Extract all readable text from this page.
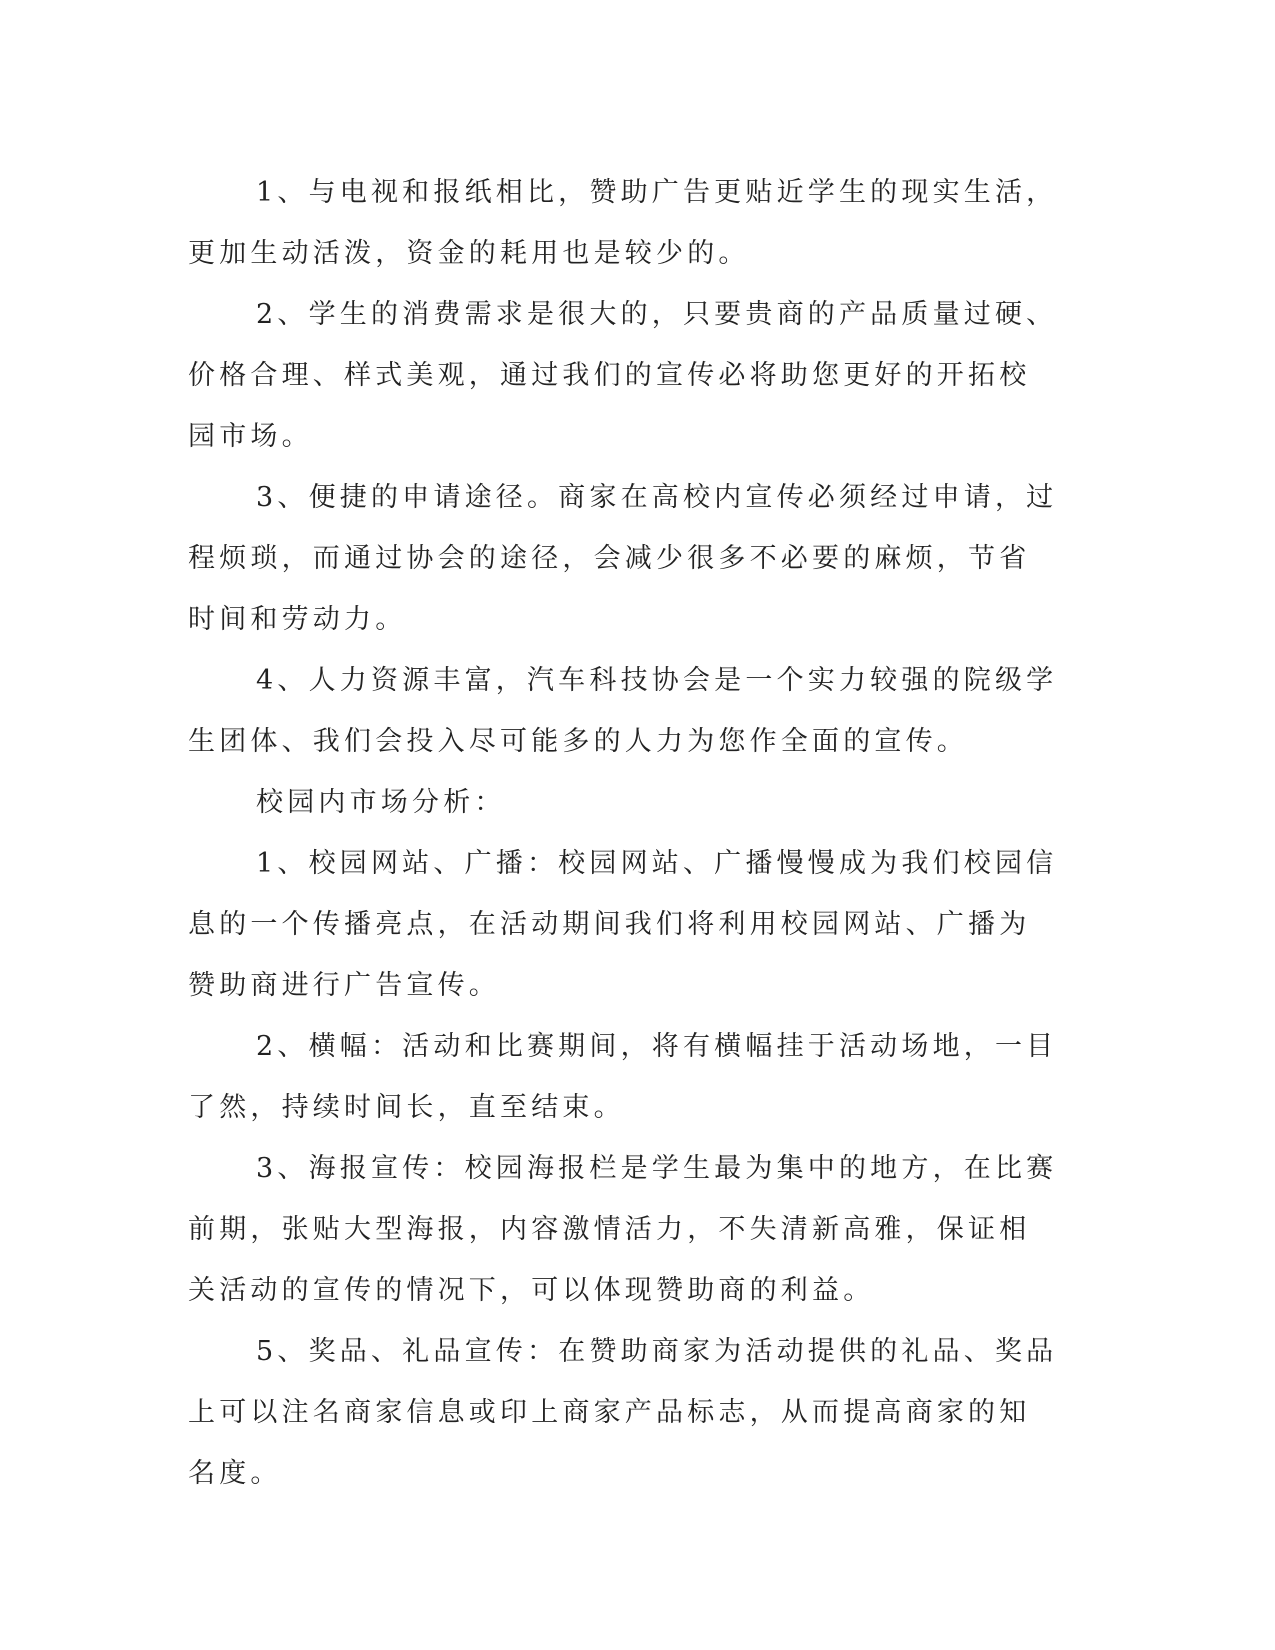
1、与电视和报纸相比，赞助广告更贴近学生的现实生活，更加生动活泼，资金的耗用也是较少的。

2、学生的消费需求是很大的，只要贵商的产品质量过硬、价格合理、样式美观，通过我们的宣传必将助您更好的开拓校园市场。

3、便捷的申请途径。商家在高校内宣传必须经过申请，过程烦琐，而通过协会的途径，会减少很多不必要的麻烦，节省时间和劳动力。

4、人力资源丰富，汽车科技协会是一个实力较强的院级学生团体、我们会投入尽可能多的人力为您作全面的宣传。

校园内市场分析：

1、校园网站、广播：校园网站、广播慢慢成为我们校园信息的一个传播亮点，在活动期间我们将利用校园网站、广播为赞助商进行广告宣传。

2、横幅：活动和比赛期间，将有横幅挂于活动场地，一目了然，持续时间长，直至结束。

3、海报宣传：校园海报栏是学生最为集中的地方，在比赛前期，张贴大型海报，内容激情活力，不失清新高雅，保证相关活动的宣传的情况下，可以体现赞助商的利益。

5、奖品、礼品宣传：在赞助商家为活动提供的礼品、奖品上可以注名商家信息或印上商家产品标志，从而提高商家的知名度。
